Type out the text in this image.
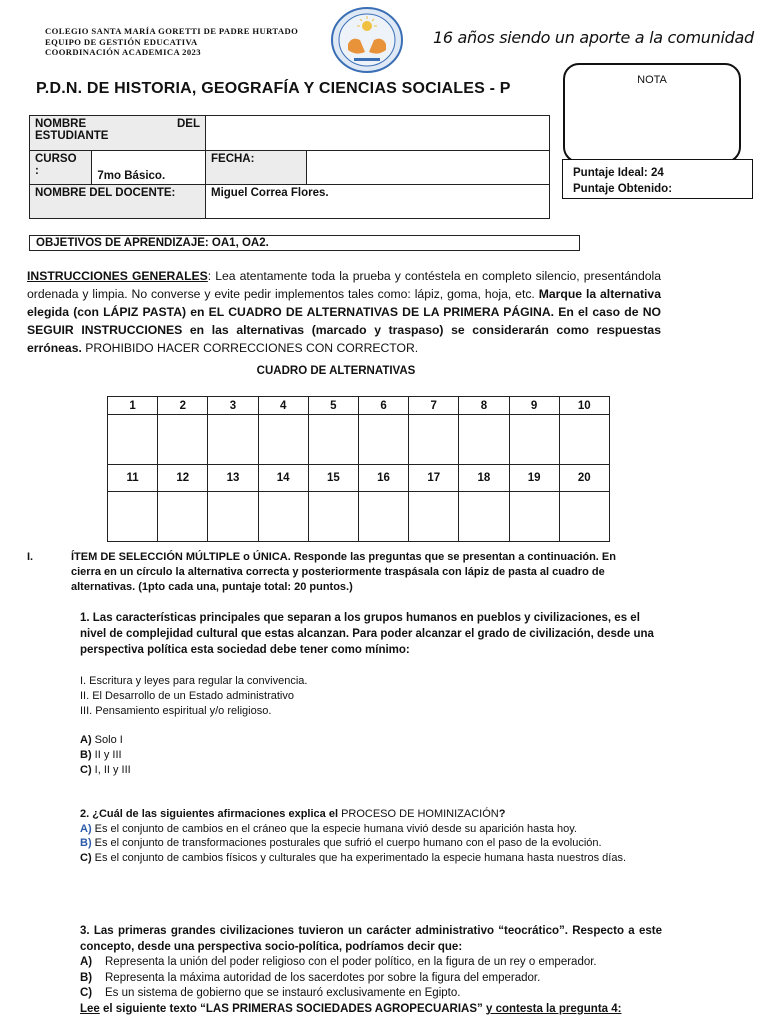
COLEGIO SANTA MARÍA GORETTI DE PADRE HURTADO
EQUIPO DE GESTIÓN EDUCATIVA
COORDINACIÓN ACADEMICA 2023
16 años siendo un aporte a la comunidad
P.D.N. DE HISTORIA, GEOGRAFÍA Y CIENCIAS SOCIALES - P	NOTA
Puntaje Ideal: 24
Puntaje Obtenido:
NOMBRE DEL
ESTUDIANTE			

CURSO
:	7mo Básico.	FECHA:	
NOMBRE DEL DOCENTE:		Miguel Correa Flores.	
OBJETIVOS DE APRENDIZAJE: OA1, OA2.
INSTRUCCIONES GENERALES: Lea atentamente toda la prueba y contéstela en completo silencio, presentándola ordenada y limpia. No converse y evite pedir implementos tales como: lápiz, goma, hoja, etc. Marque la alternativa elegida (con LÁPIZ PASTA) en EL CUADRO DE ALTERNATIVAS DE LA PRIMERA PÁGINA. En el caso de NO SEGUIR INSTRUCCIONES en las alternativas (marcado y traspaso) se considerarán como respuestas erróneas. PROHIBIDO HACER CORRECCIONES CON CORRECTOR.
CUADRO DE ALTERNATIVAS
1	2	3	4	5	6	7	8	9	10

11	12	13	14	15	16	17	18	19	20

I.	ÍTEM DE SELECCIÓN MÚLTIPLE o ÚNICA. Responde las preguntas que se presentan a continuación. En cierra en un círculo la alternativa correcta y posteriormente traspásala con lápiz de pasta al cuadro de alternativas. (1pto cada una, puntaje total: 20 puntos.)
1. Las características principales que separan a los grupos humanos en pueblos y civilizaciones, es el nivel de complejidad cultural que estas alcanzan. Para poder alcanzar el grado de civilización, desde una perspectiva política esta sociedad debe tener como mínimo:
I. Escritura y leyes para regular la convivencia.
II. El Desarrollo de un Estado administrativo
III. Pensamiento espiritual y/o religioso.
A) Solo I
B) II y III
C) I, II y III
2. ¿Cuál de las siguientes afirmaciones explica el PROCESO DE HOMINIZACIÓN?
A) Es el conjunto de cambios en el cráneo que la especie humana vivió desde su aparición hasta hoy.
B) Es el conjunto de transformaciones posturales que sufrió el cuerpo humano con el paso de la evolución.
C) Es el conjunto de cambios físicos y culturales que ha experimentado la especie humana hasta nuestros días.
3. Las primeras grandes civilizaciones tuvieron un carácter administrativo “teocrático”. Respecto a este concepto, desde una perspectiva socio-política, podríamos decir que:
A)	Representa la unión del poder religioso con el poder político, en la figura de un rey o emperador.
B)	Representa la máxima autoridad de los sacerdotes por sobre la figura del emperador.
C)	Es un sistema de gobierno que se instauró exclusivamente en Egipto.
Lee el siguiente texto “LAS PRIMERAS SOCIEDADES AGROPECUARIAS” y contesta la pregunta 4:
